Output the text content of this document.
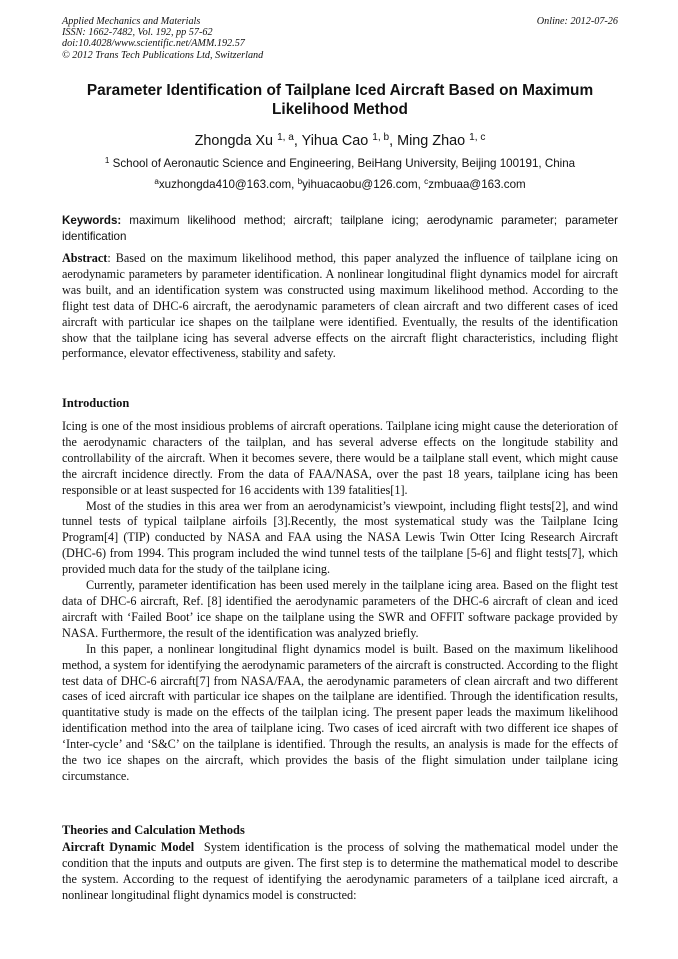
Applied Mechanics and Materials
ISSN: 1662-7482, Vol. 192, pp 57-62
doi:10.4028/www.scientific.net/AMM.192.57
© 2012 Trans Tech Publications Ltd, Switzerland
Online: 2012-07-26
Parameter Identification of Tailplane Iced Aircraft Based on Maximum Likelihood Method
Zhongda Xu $^{1, a}$, Yihua Cao $^{1, b}$, Ming Zhao $^{1, c}$
$^1$ School of Aeronautic Science and Engineering, BeiHang University, Beijing 100191, China
$^a$xuzhongda410@163.com, $^b$yihuacaobu@126.com, $^c$zmbuaa@163.com
Keywords: maximum likelihood method; aircraft; tailplane icing; aerodynamic parameter; parameter identification
Abstract: Based on the maximum likelihood method, this paper analyzed the influence of tailplane icing on aerodynamic parameters by parameter identification. A nonlinear longitudinal flight dynamics model for aircraft was built, and an identification system was constructed using maximum likelihood method. According to the flight test data of DHC-6 aircraft, the aerodynamic parameters of clean aircraft and two different cases of iced aircraft with particular ice shapes on the tailplane were identified. Eventually, the results of the identification show that the tailplane icing has several adverse effects on the aircraft flight characteristics, including flight performance, elevator effectiveness, stability and safety.
Introduction

Icing is one of the most insidious problems of aircraft operations. Tailplane icing might cause the deterioration of the aerodynamic characters of the tailplan, and has several adverse effects on the longitude stability and controllability of the aircraft. When it becomes severe, there would be a tailplane stall event, which might cause the aircraft incidence directly. From the data of FAA/NASA, over the past 18 years, tailplane icing has been responsible or at least suspected for 16 accidents with 139 fatalities[1].

Most of the studies in this area wer from an aerodynamicist’s viewpoint, including flight tests[2], and wind tunnel tests of typical tailplane airfoils [3].Recently, the most systematical study was the Tailplane Icing Program[4] (TIP) conducted by NASA and FAA using the NASA Lewis Twin Otter Icing Research Aircraft (DHC-6) from 1994. This program included the wind tunnel tests of the tailplane [5-6] and flight tests[7], which provided much data for the study of the tailplane icing.

Currently, parameter identification has been used merely in the tailplane icing area. Based on the flight test data of DHC-6 aircraft, Ref. [8] identified the aerodynamic parameters of the DHC-6 aircraft of clean and iced aircraft with ‘Failed Boot’ ice shape on the tailplane using the SWR and OFFIT software package provided by NASA. Furthermore, the result of the identification was analyzed briefly.

In this paper, a nonlinear longitudinal flight dynamics model is built. Based on the maximum likelihood method, a system for identifying the aerodynamic parameters of the aircraft is constructed. According to the flight test data of DHC-6 aircraft[7] from NASA/FAA, the aerodynamic parameters of clean aircraft and two different cases of iced aircraft with particular ice shapes on the tailplane are identified. Through the identification results, quantitative study is made on the effects of the tailplan icing. The present paper leads the maximum likelihood identification method into the area of tailplane icing. Two cases of iced aircraft with two different ice shapes of ‘Inter-cycle’ and ‘S&C’ on the tailplane is identified. Through the results, an analysis is made for the effects of the two ice shapes on the aircraft, which provides the basis of the flight simulation under tailplane icing circumstance.

Theories and Calculation Methods
Aircraft Dynamic Model System identification is the process of solving the mathematical model under the condition that the inputs and outputs are given. The first step is to determine the mathematical model to describe the system. According to the request of identifying the aerodynamic parameters of a tailplane iced aircraft, a nonlinear longitudinal flight dynamics model is constructed:
